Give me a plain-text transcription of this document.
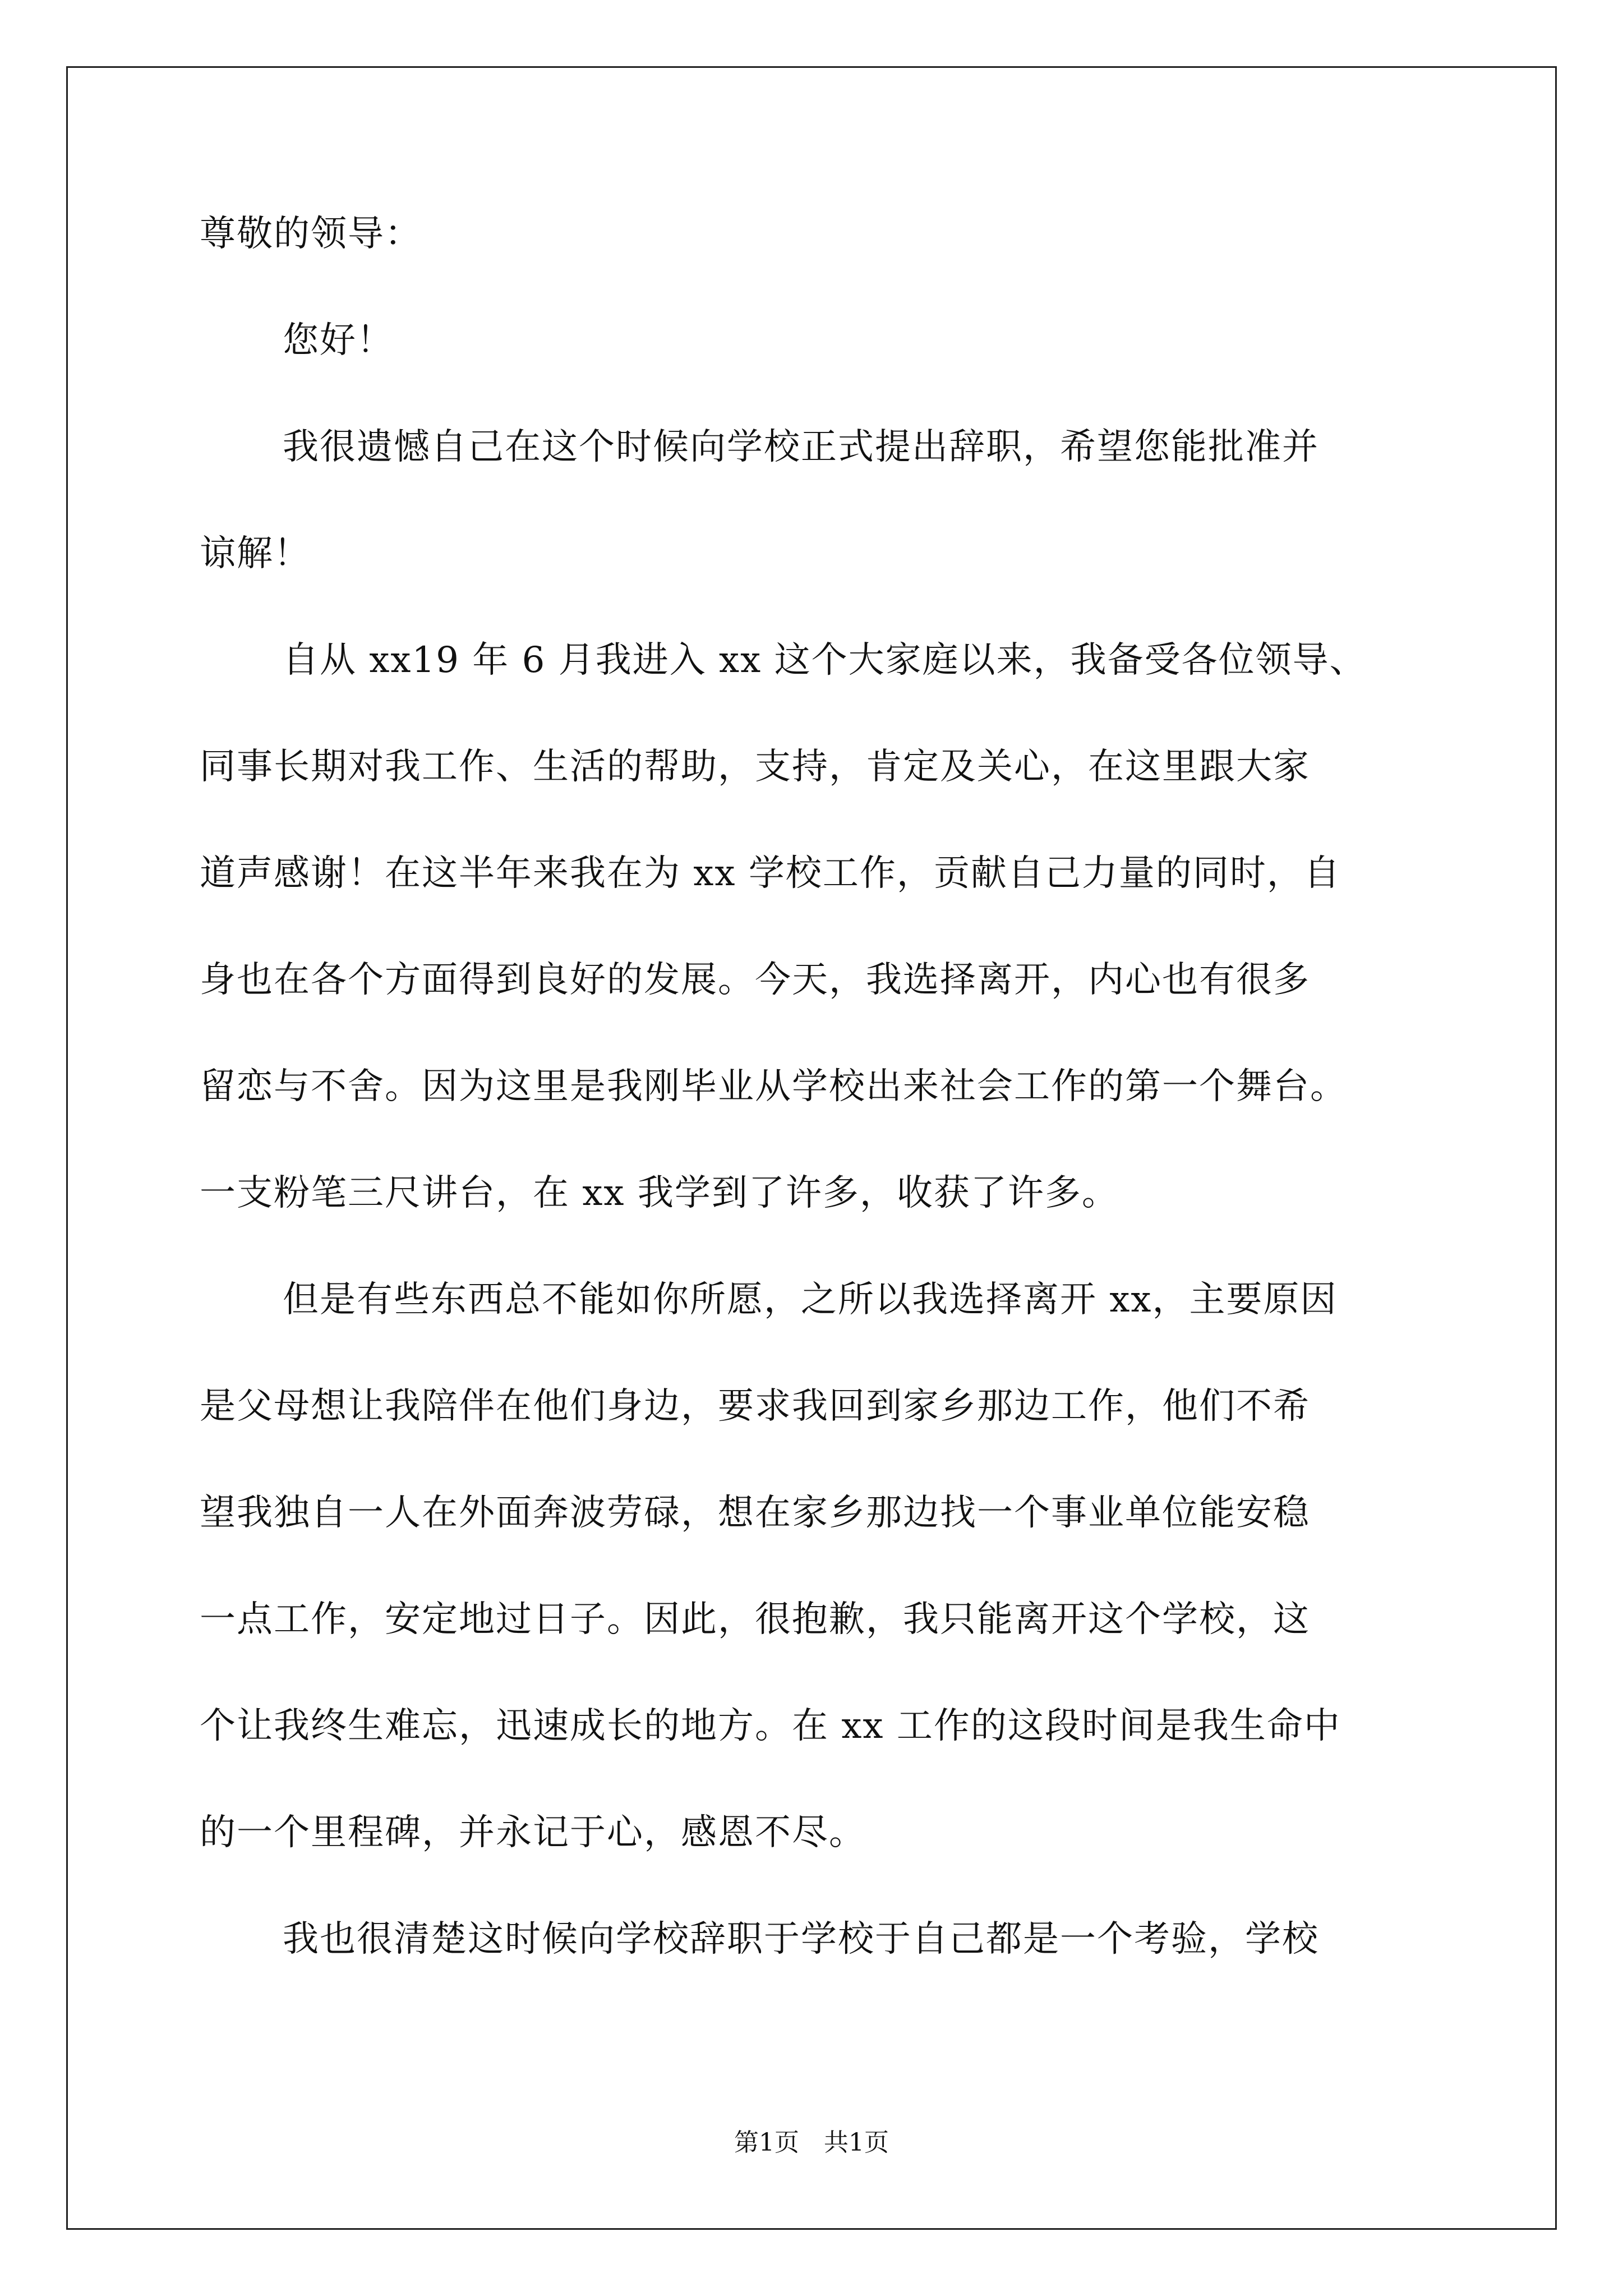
尊敬的领导：
您好！
我很遗憾自己在这个时候向学校正式提出辞职，希望您能批准并
谅解！
自从 xx19 年 6 月我进入 xx 这个大家庭以来，我备受各位领导、
同事长期对我工作、生活的帮助，支持，肯定及关心，在这里跟大家
道声感谢！在这半年来我在为 xx 学校工作，贡献自己力量的同时，自
身也在各个方面得到良好的发展。今天，我选择离开，内心也有很多
留恋与不舍。因为这里是我刚毕业从学校出来社会工作的第一个舞台。
一支粉笔三尺讲台，在 xx 我学到了许多，收获了许多。
但是有些东西总不能如你所愿，之所以我选择离开 xx，主要原因
是父母想让我陪伴在他们身边，要求我回到家乡那边工作，他们不希
望我独自一人在外面奔波劳碌，想在家乡那边找一个事业单位能安稳
一点工作，安定地过日子。因此，很抱歉，我只能离开这个学校，这
个让我终生难忘，迅速成长的地方。在 xx 工作的这段时间是我生命中
的一个里程碑，并永记于心，感恩不尽。
我也很清楚这时候向学校辞职于学校于自己都是一个考验，学校
第1页 共1页
